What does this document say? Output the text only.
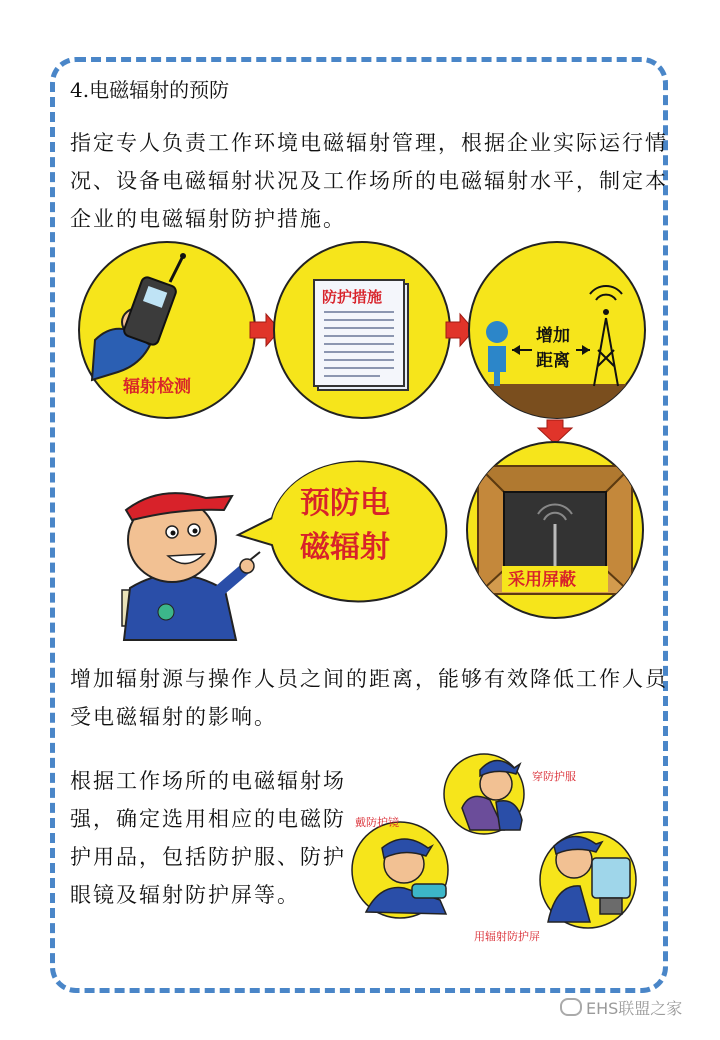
4.电磁辐射的预防
指定专人负责工作环境电磁辐射管理，根据企业实际运行情况、设备电磁辐射状况及工作场所的电磁辐射水平，制定本企业的电磁辐射防护措施。
辐射检测
防护措施
增加
距离
采用屏蔽
预防电
磁辐射
穿防护服
戴防护镜
用辐射防护屏
增加辐射源与操作人员之间的距离，能够有效降低工作人员受电磁辐射的影响。
根据工作场所的电磁辐射场强，确定选用相应的电磁防护用品，包括防护服、防护眼镜及辐射防护屏等。
EHS联盟之家
